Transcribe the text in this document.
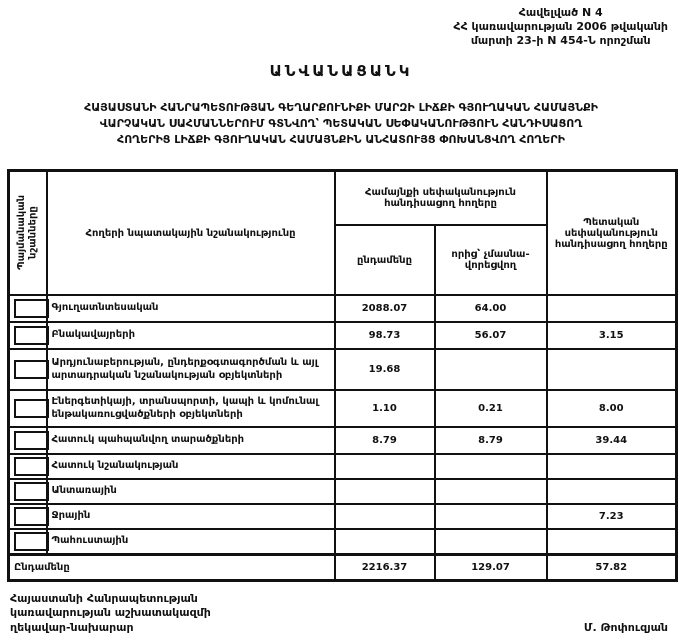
Հավելված N 4
ՀՀ կառավարության 2006 թվականի
մարտի 23-ի N 454-Ն որոշման
ԱՆՎԱՆԱՑԱՆԿ
ՀԱՅԱՍՏԱՆԻ ՀԱՆՐԱՊԵՏՈՒԹՅԱՆ ԳԵՂԱՐՔՈՒՆԻՔԻ ՄԱՐԶԻ ԼԻՃՔԻ ԳՅՈՒՂԱԿԱՆ ՀԱՄԱՅՆՔԻ
ՎԱՐՉԱԿԱՆ ՍԱՀՄԱՆՆԵՐՈՒՄ ԳՏՆՎՈՂ՝ ՊԵՏԱԿԱՆ ՍԵՓԱԿԱՆՈՒԹՅՈՒՆ ՀԱՆԴԻՍԱՑՈՂ
ՀՈՂԵՐԻՑ ԼԻՃՔԻ ԳՅՈՒՂԱԿԱՆ ՀԱՄԱՅՆՔԻՆ ԱՆՀԱՏՈՒՅՑ ՓՈԽԱՆՑՎՈՂ ՀՈՂԵՐԻ
Պայմանական նշանները	Հողերի նպատակային նշանակությունը	Համայնքի սեփականություն հանդիսացող հողերը		Պետական սեփականություն հանդիսացող հողերը
		ընդամենը	որից՝ չմասնա-վորեցվող	

	Գյուղատնտեսական	2088.07	64.00	

	Բնակավայրերի	98.73	56.07	3.15

	Արդյունաբերության, ընդերքօգտագործման և այլ արտադրական նշանակության օբյեկտների	19.68		

	Էներգետիկայի, տրանսպորտի, կապի և կոմունալ ենթակառուցվածքների օբյեկտների	1.10	0.21	8.00

	Հատուկ պահպանվող տարածքների	8.79	8.79	39.44

	Հատուկ նշանակության			

	Անտառային			

	Ջրային			7.23

	Պահուստային			
Ընդամենը		2216.37	129.07	57.82
Հայաստանի Հանրապետության
կառավարության աշխատակազմի
ղեկավար-նախարար	Մ. Թոփուզյան
